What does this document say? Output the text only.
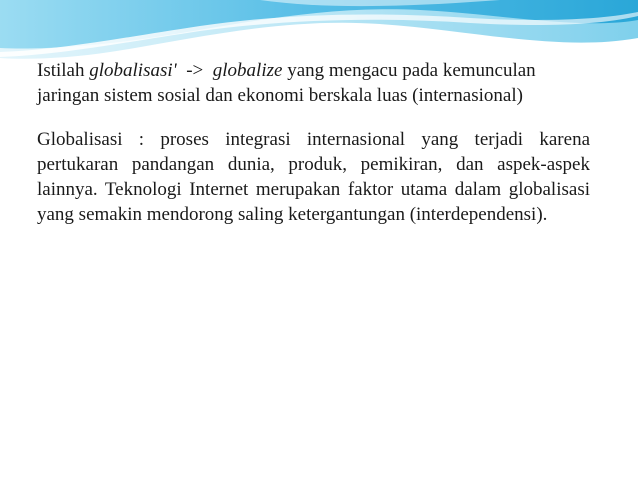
Istilah globalisasi'  ->  globalize yang mengacu pada kemunculan jaringan sistem sosial dan ekonomi berskala luas (internasional)

Globalisasi : proses integrasi internasional yang terjadi karena pertukaran pandangan dunia, produk, pemikiran, dan aspek-aspek lainnya. Teknologi Internet merupakan faktor utama dalam globalisasi yang semakin mendorong saling ketergantungan (interdependensi).
